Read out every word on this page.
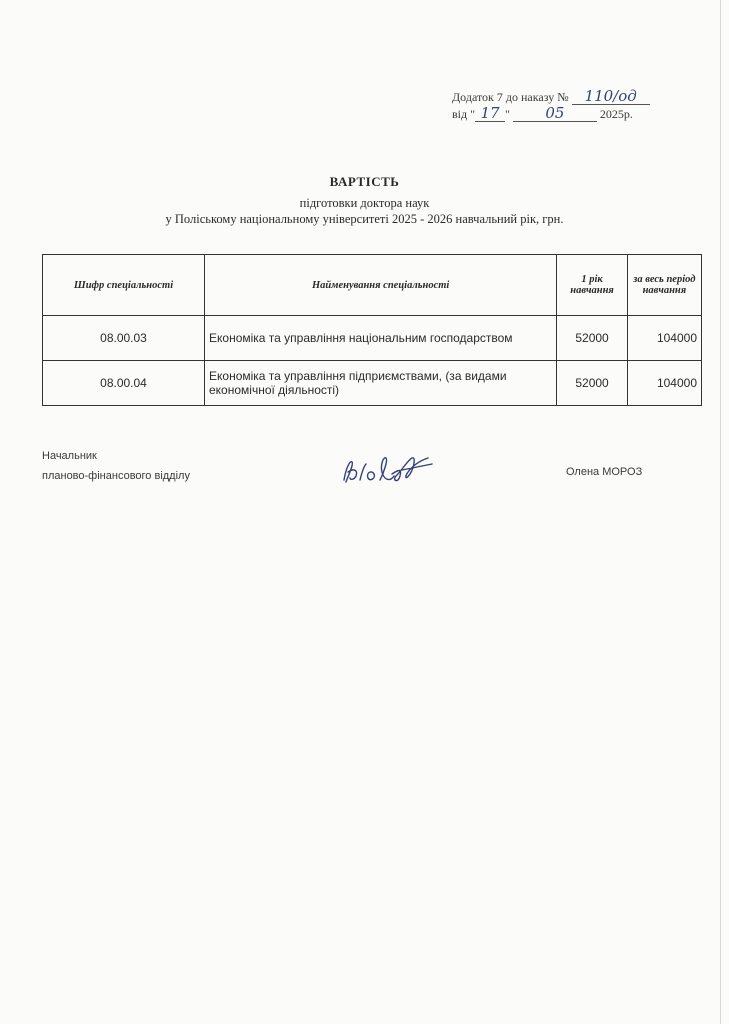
Додаток 7 до наказу № 110/од
від " 17 " 05	2025р.
ВАРТІСТЬ
підготовки доктора наук
у Поліському національному університеті 2025 - 2026 навчальний рік, грн.
Шифр спеціальності	Найменування спеціальності	1 рік навчання	за весь період навчання
08.00.03	Економіка та управління національним господарством	52000	104000
08.00.04	Економіка та управління підприємствами, (за видами економічної діяльності)	52000	104000
Начальник
планово-фінансового відділу	Олена МОРОЗ
